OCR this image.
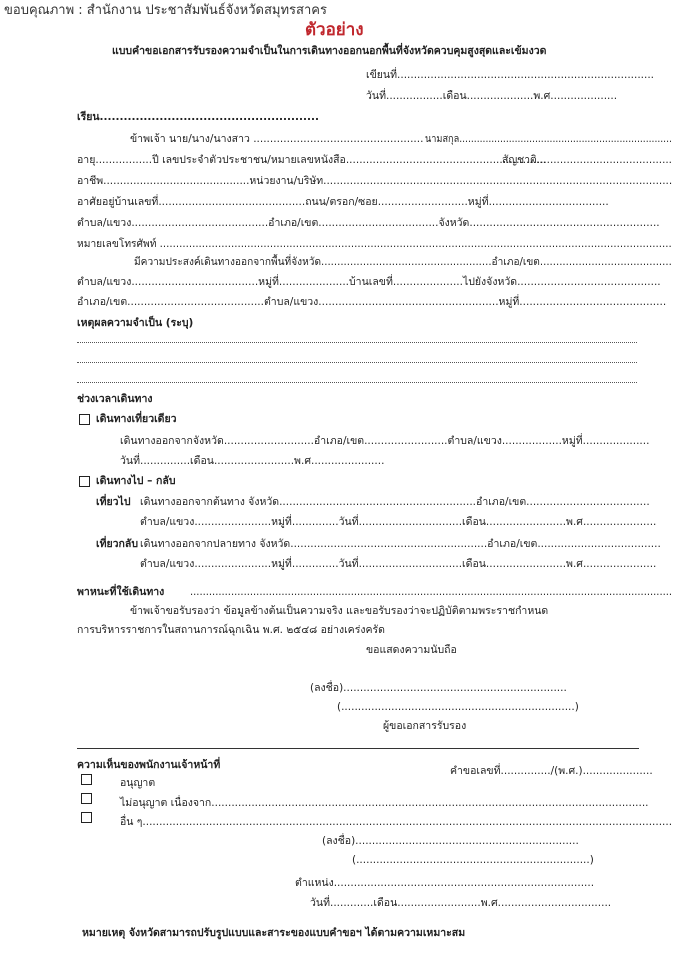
ขอบคุณภาพ : สำนักงาน ประชาสัมพันธ์จังหวัดสมุทรสาคร
ตัวอย่าง
แบบคำขอเอกสารรับรองความจำเป็นในการเดินทางออกนอกพื้นที่จังหวัดควบคุมสูงสุดและเข้มงวด
เขียนที่.............................................................................
วันที่.................เดือน....................พ.ศ....................
เรียน.......................................................
ข้าพเจ้า นาย/นาง/นางสาว ................................................... นามสกุล.........................................................................
อายุ.................ปี เลขประจำตัวประชาชน/หมายเลขหนังสือ............................................................
สัญชาติ.........................................
อาชีพ............................................หน่วยงาน/บริษัท.........................................................................................................
อาศัยอยู่บ้านเลขที่............................................ถนน/ตรอก/ซอย...........................หมู่ที่....................................
ตำบล/แขวง.........................................อำเภอ/เขต....................................จังหวัด.........................................................
หมายเลขโทรศัพท์ ..............................................................................................................................................................
มีความประสงค์เดินทางออกจากพื้นที่จังหวัด.....................................................อำเภอ/เขต.........................................
ตำบล/แขวง......................................หมู่ที่.....................บ้านเลขที่.....................ไปยังจังหวัด...........................................
อำเภอ/เขต.........................................ตำบล/แขวง......................................................หมู่ที่............................................
เหตุผลความจำเป็น (ระบุ)
ช่วงเวลาเดินทาง
เดินทางเที่ยวเดียว
เดินทางออกจากจังหวัด...........................อำเภอ/เขต.........................ตำบล/แขวง..................หมู่ที่....................
วันที่...............เดือน........................พ.ศ......................
เดินทางไป – กลับ
เที่ยวไป เดินทางออกจากต้นทาง จังหวัด...........................................................อำเภอ/เขต.....................................
ตำบล/แขวง.......................หมู่ที่..............วันที่...............................เดือน........................พ.ศ......................
เที่ยวกลับ เดินทางออกจากปลายทาง จังหวัด...........................................................อำเภอ/เขต.....................................
ตำบล/แขวง.......................หมู่ที่..............วันที่...............................เดือน........................พ.ศ......................
พาหนะที่ใช้เดินทาง .........................................................................................................................................................
ข้าพเจ้าขอรับรองว่า ข้อมูลข้างต้นเป็นความจริง และขอรับรองว่าจะปฏิบัติตามพระราชกำหนด
การบริหารราชการในสถานการณ์ฉุกเฉิน พ.ศ. ๒๕๔๘ อย่างเคร่งครัด
ขอแสดงความนับถือ
(ลงชื่อ)...................................................................
(......................................................................)
ผู้ขอเอกสารรับรอง
ความเห็นของพนักงานเจ้าหน้าที่	คำขอเลขที่.............../(พ.ศ.).....................
อนุญาต
ไม่อนุญาต เนื่องจาก...................................................................................................................................
อื่น ๆ...............................................................................................................................................................
(ลงชื่อ)...................................................................
(......................................................................)
ตำแหน่ง..............................................................................
วันที่.............เดือน.........................พ.ศ..................................
หมายเหตุ จังหวัดสามารถปรับรูปแบบและสาระของแบบคำขอฯ ได้ตามความเหมาะสม
